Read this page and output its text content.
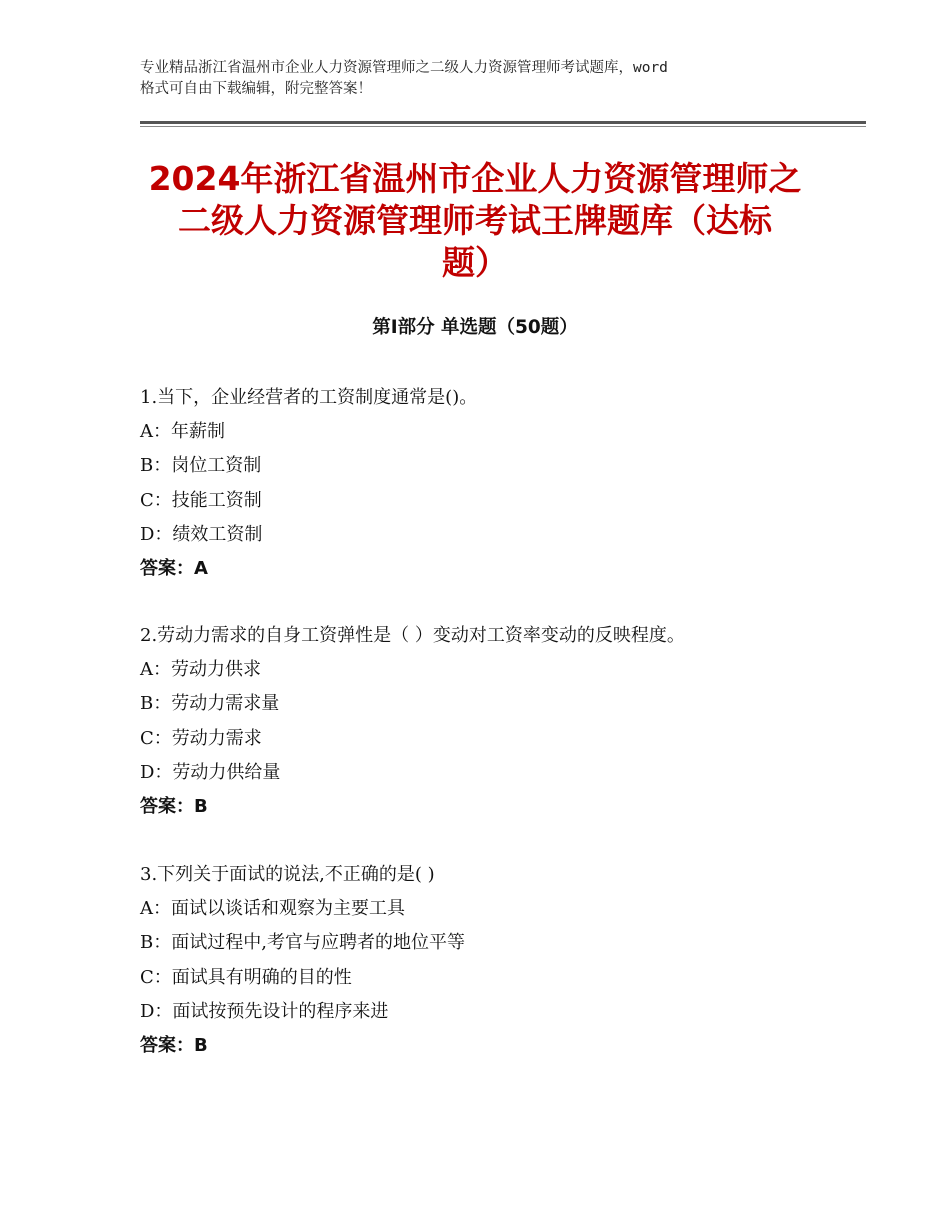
专业精品浙江省温州市企业人力资源管理师之二级人力资源管理师考试题库，word
格式可自由下载编辑，附完整答案！
2024年浙江省温州市企业人力资源管理师之
二级人力资源管理师考试王牌题库（达标
题）
第Ⅰ部分 单选题（50题）
1.当下，企业经营者的工资制度通常是()。
A：年薪制
B：岗位工资制
C：技能工资制
D：绩效工资制
答案：A
2.劳动力需求的自身工资弹性是（ ）变动对工资率变动的反映程度。
A：劳动力供求
B：劳动力需求量
C：劳动力需求
D：劳动力供给量
答案：B
3.下列关于面试的说法,不正确的是( )
A：面试以谈话和观察为主要工具
B：面试过程中,考官与应聘者的地位平等
C：面试具有明确的目的性
D：面试按预先设计的程序来进
答案：B
